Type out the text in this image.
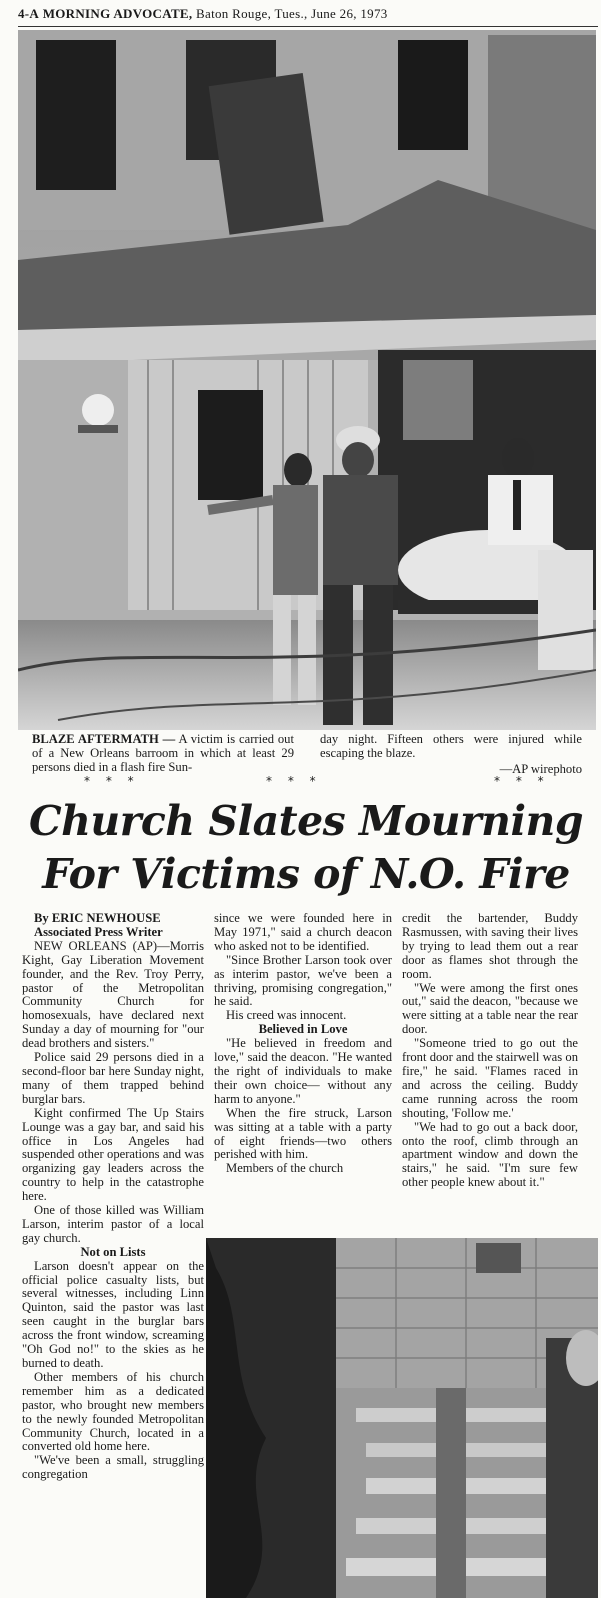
4-A MORNING ADVOCATE, Baton Rouge, Tues., June 26, 1973
BLAZE AFTERMATH — A victim is carried out of a New Orleans barroom in which at least 29 persons died in a flash fire Sun-
day night. Fifteen others were injured while escaping the blaze.
—AP wirephoto
* * *	* * *	* * *
Church Slates Mourning
For Victims of N.O. Fire

By ERIC NEWHOUSE

Associated Press Writer

NEW ORLEANS (AP)—Morris Kight, Gay Liberation Movement founder, and the Rev. Troy Perry, pastor of the Metropolitan Community Church for homosexuals, have declared next Sunday a day of mourning for "our dead brothers and sisters."

Police said 29 persons died in a second-floor bar here Sunday night, many of them trapped behind burglar bars.

Kight confirmed The Up Stairs Lounge was a gay bar, and said his office in Los Angeles had suspended other operations and was organizing gay leaders across the country to help in the catastrophe here.

One of those killed was William Larson, interim pastor of a local gay church.

Not on Lists

Larson doesn't appear on the official police casualty lists, but several witnesses, including Linn Quinton, said the pastor was last seen caught in the burglar bars across the front window, screaming "Oh God no!" to the skies as he burned to death.

Other members of his church remember him as a dedicated pastor, who brought new members to the newly founded Metropolitan Community Church, located in a converted old home here.

"We've been a small, struggling congregation

since we were founded here in May 1971," said a church deacon who asked not to be identified.

"Since Brother Larson took over as interim pastor, we've been a thriving, promising congregation," he said.

His creed was innocent.

Believed in Love

"He believed in freedom and love," said the deacon. "He wanted the right of individuals to make their own choice— without any harm to anyone."

When the fire struck, Larson was sitting at a table with a party of eight friends—two others perished with him.

Members of the church

credit the bartender, Buddy Rasmussen, with saving their lives by trying to lead them out a rear door as flames shot through the room.

"We were among the first ones out," said the deacon, "because we were sitting at a table near the rear door.

"Someone tried to go out the front door and the stairwell was on fire," he said. "Flames raced in and across the ceiling. Buddy came running across the room shouting, 'Follow me.'

"We had to go out a back door, onto the roof, climb through an apartment window and down the stairs," he said. "I'm sure few other people knew about it."
